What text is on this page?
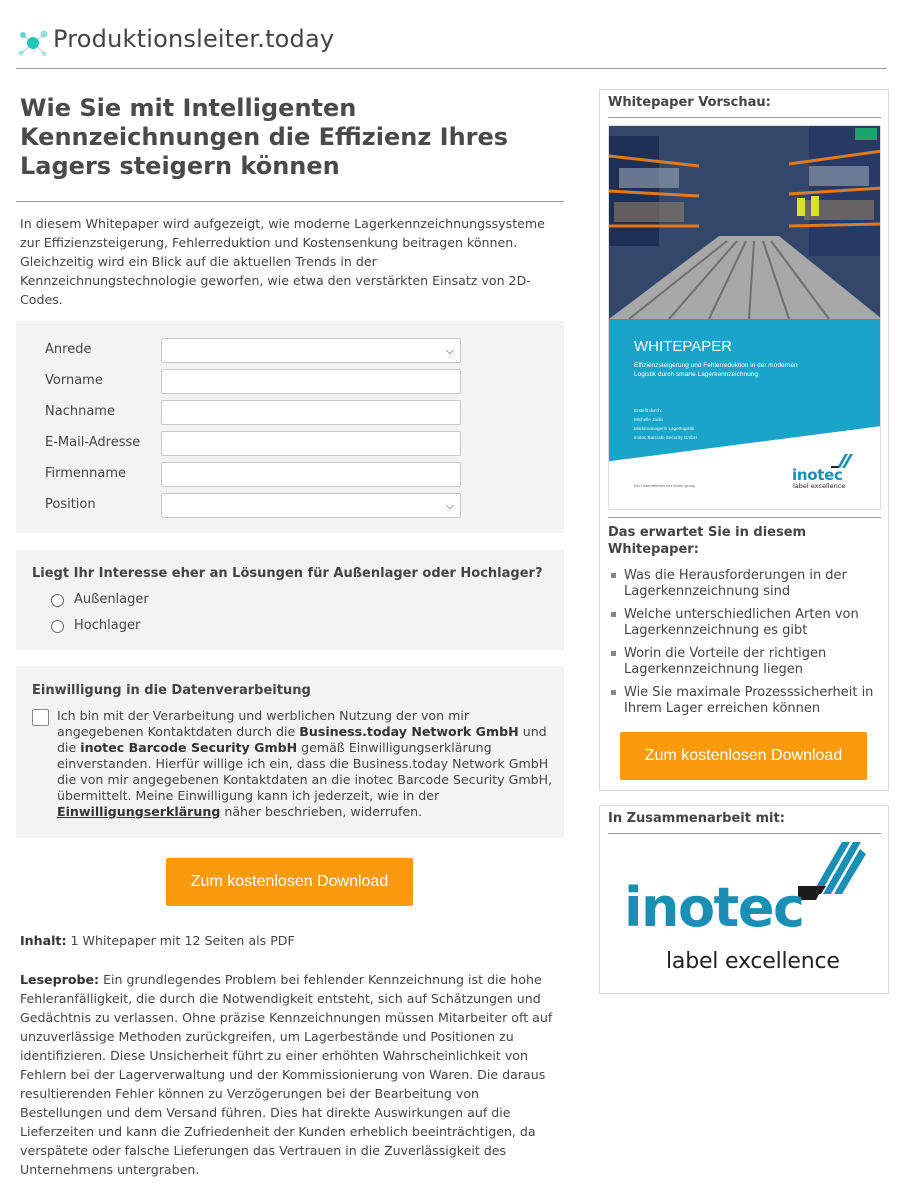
Produktionsleiter.today
Wie Sie mit Intelligenten Kennzeichnungen die Effizienz Ihres Lagers steigern können

In diesem Whitepaper wird aufgezeigt, wie moderne Lagerkennzeichnungssysteme zur Effizienzsteigerung, Fehlerreduktion und Kostensenkung beitragen können. Gleichzeitig wird ein Blick auf die aktuellen Trends in der Kennzeichnungstechnologie geworfen, wie etwa den verstärkten Einsatz von 2D-Codes.

Anrede	⌵
Vorname
Nachname
E-Mail-Adresse
Firmenname
Position	⌵
Liegt Ihr Interesse eher an Lösungen für Außenlager oder Hochlager?
Außenlager
Hochlager
Einwilligung in die Datenverarbeitung

Ich bin mit der Verarbeitung und werblichen Nutzung der von mir angegebenen Kontaktdaten durch die Business.today Network GmbH und die inotec Barcode Security GmbH gemäß Einwilligungserklärung einverstanden. Hierfür willige ich ein, dass die Business.today Network GmbH die von mir angegebenen Kontaktdaten an die inotec Barcode Security GmbH, übermittelt. Meine Einwilligung kann ich jederzeit, wie in der Einwilligungserklärung näher beschrieben, widerrufen.

Zum kostenlosen Download

Inhalt: 1 Whitepaper mit 12 Seiten als PDF

Leseprobe: Ein grundlegendes Problem bei fehlender Kennzeichnung ist die hohe Fehleranfälligkeit, die durch die Notwendigkeit entsteht, sich auf Schätzungen und Gedächtnis zu verlassen. Ohne präzise Kennzeichnungen müssen Mitarbeiter oft auf unzuverlässige Methoden zurückgreifen, um Lagerbestände und Positionen zu identifizieren. Diese Unsicherheit führt zu einer erhöhten Wahrscheinlichkeit von Fehlern bei der Lagerverwaltung und der Kommissionierung von Waren. Die daraus resultierenden Fehler können zu Verzögerungen bei der Bearbeitung von Bestellungen und dem Versand führen. Dies hat direkte Auswirkungen auf die Lieferzeiten und kann die Zufriedenheit der Kunden erheblich beeinträchtigen, da verspätete oder falsche Lieferungen das Vertrauen in die Zuverlässigkeit des Unternehmens untergraben.

Whitepaper Vorschau:
WHITEPAPER
Effizienzsteigerung und Fehlerreduktion in der modernen Logistik durch smarte Lagerkennzeichnung
Erstellt durch:
Michelle Jadin
Marktmanagerin Lagerlogistik
inotec Barcode Security GmbH
inotec
label excellence
Ein Unternehmen der inotec group
Das erwartet Sie in diesem Whitepaper:
Was die Herausforderungen in der Lagerkennzeichnung sind
Welche unterschiedlichen Arten von Lagerkennzeichnung es gibt
Worin die Vorteile der richtigen Lagerkennzeichnung liegen
Wie Sie maximale Prozesssicherheit in Ihrem Lager erreichen können
Zum kostenlosen Download
In Zusammenarbeit mit:
inotec
label excellence
